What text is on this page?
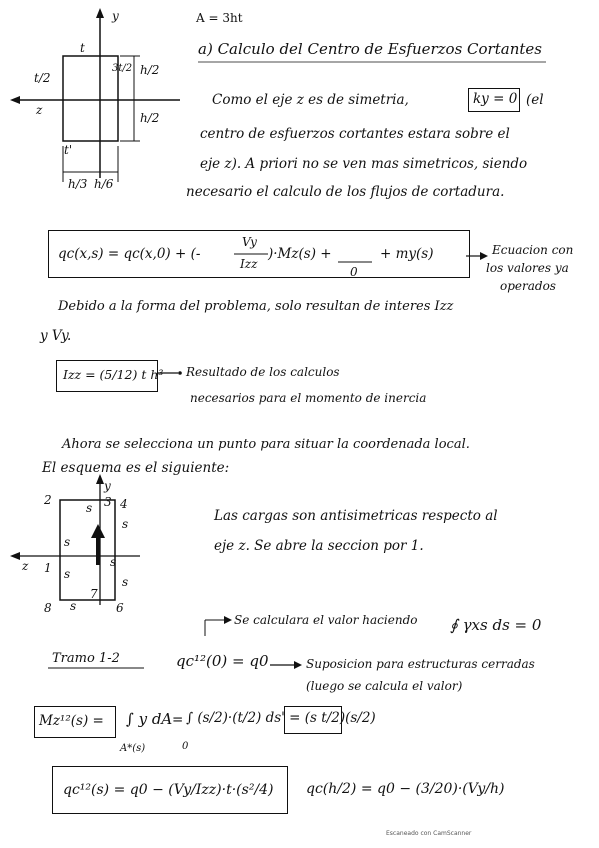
A = 3ht
a) Calculo del Centro de Esfuerzos Cortantes
y
z
t
t/2
3t/2
t'
h/2
h/2
h/3 h/6
Como el eje z es de simetria,	ky = 0 (el
centro de esfuerzos cortantes estara sobre el
eje z). A priori no se ven mas simetricos, siendo
necesario el calculo de los flujos de cortadura.
qc(x,s) = qc(x,0) + (-
Vy
Izz
)·Mz(s) +
0
+ my(s)	Ecuacion con
los valores ya
operados
Debido a la forma del problema, solo resultan de interes Izz
y Vy.
Izz = (5/12) t h³ Resultado de los calculos
necesarios para el momento de inercia
Ahora se selecciona un punto para situar la coordenada local.
El esquema es el siguiente:
y
z
2	3 4
1
8	6
7
s
s
s
s
s
s
s	Las cargas son antisimetricas respecto al
eje z. Se abre la seccion por 1.
Se calculara el valor haciendo ∮ γxs ds = 0
Tramo 1-2	qc¹²(0) = q0	Suposicion para estructuras cerradas
(luego se calcula el valor)
Mz¹²(s) = ∫ y dA
A*(s)
= ∫ (s/2)·(t/2) ds' = (s t/2)(s/2)
0
qc¹²(s) = q0 − (Vy/Izz)·t·(s²/4) qc(h/2) = q0 − (3/20)·(Vy/h)
Escaneado con CamScanner
